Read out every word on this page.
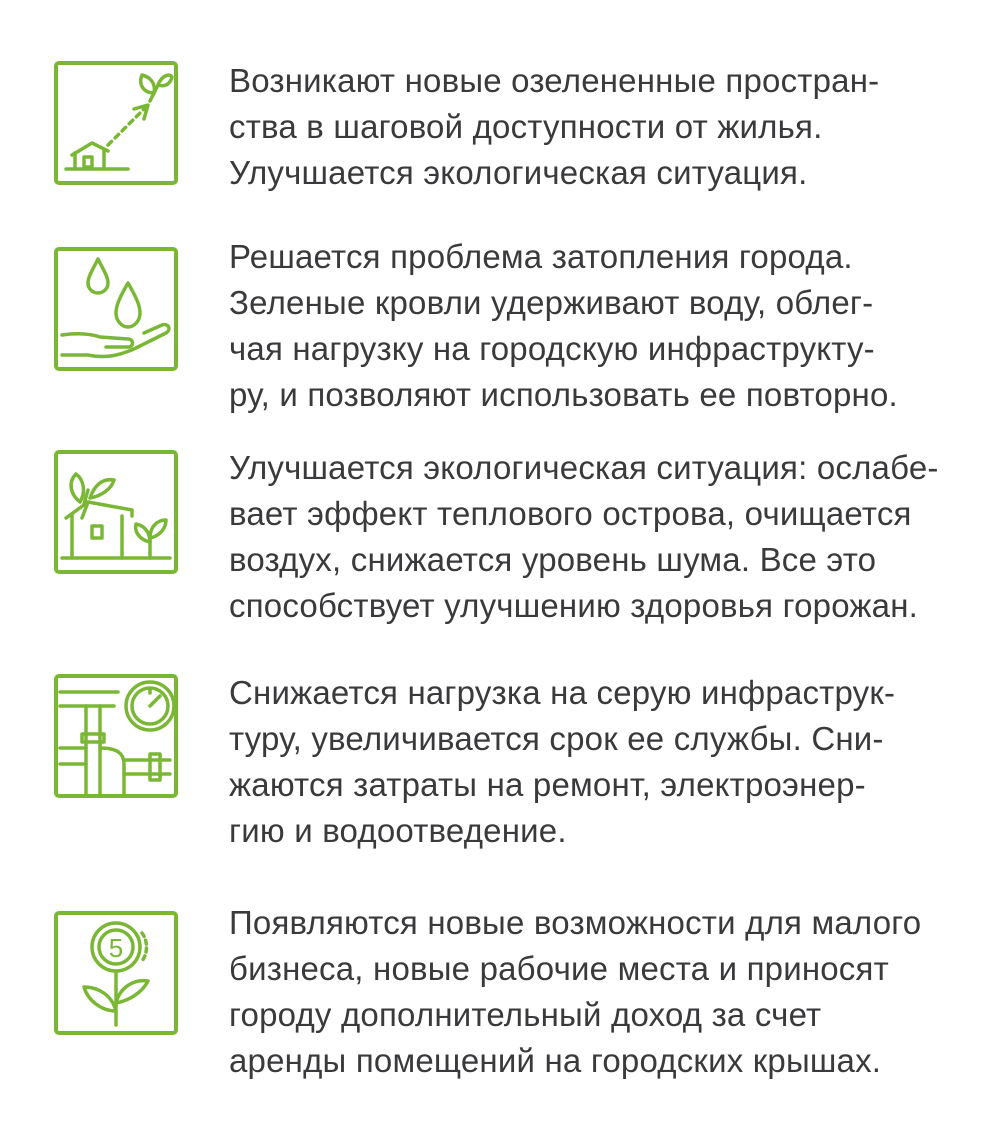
Возникают новые озелененные простран-
ства в шаговой доступности от жилья.
Улучшается экологическая ситуация.

Решается проблема затопления города.
Зеленые кровли удерживают воду, облег-
чая нагрузку на городскую инфраструкту-
ру, и позволяют использовать ее повторно.

Улучшается экологическая ситуация: ослабе-
вает эффект теплового острова, очищается
воздух, снижается уровень шума. Все это
способствует улучшению здоровья горожан.

Снижается нагрузка на серую инфраструк-
туру, увеличивается срок ее службы. Сни-
жаются затраты на ремонт, электроэнер-
гию и водоотведение.

5

Появляются новые возможности для малого
бизнеса, новые рабочие места и приносят
городу дополнительный доход за счет
аренды помещений на городских крышах.
